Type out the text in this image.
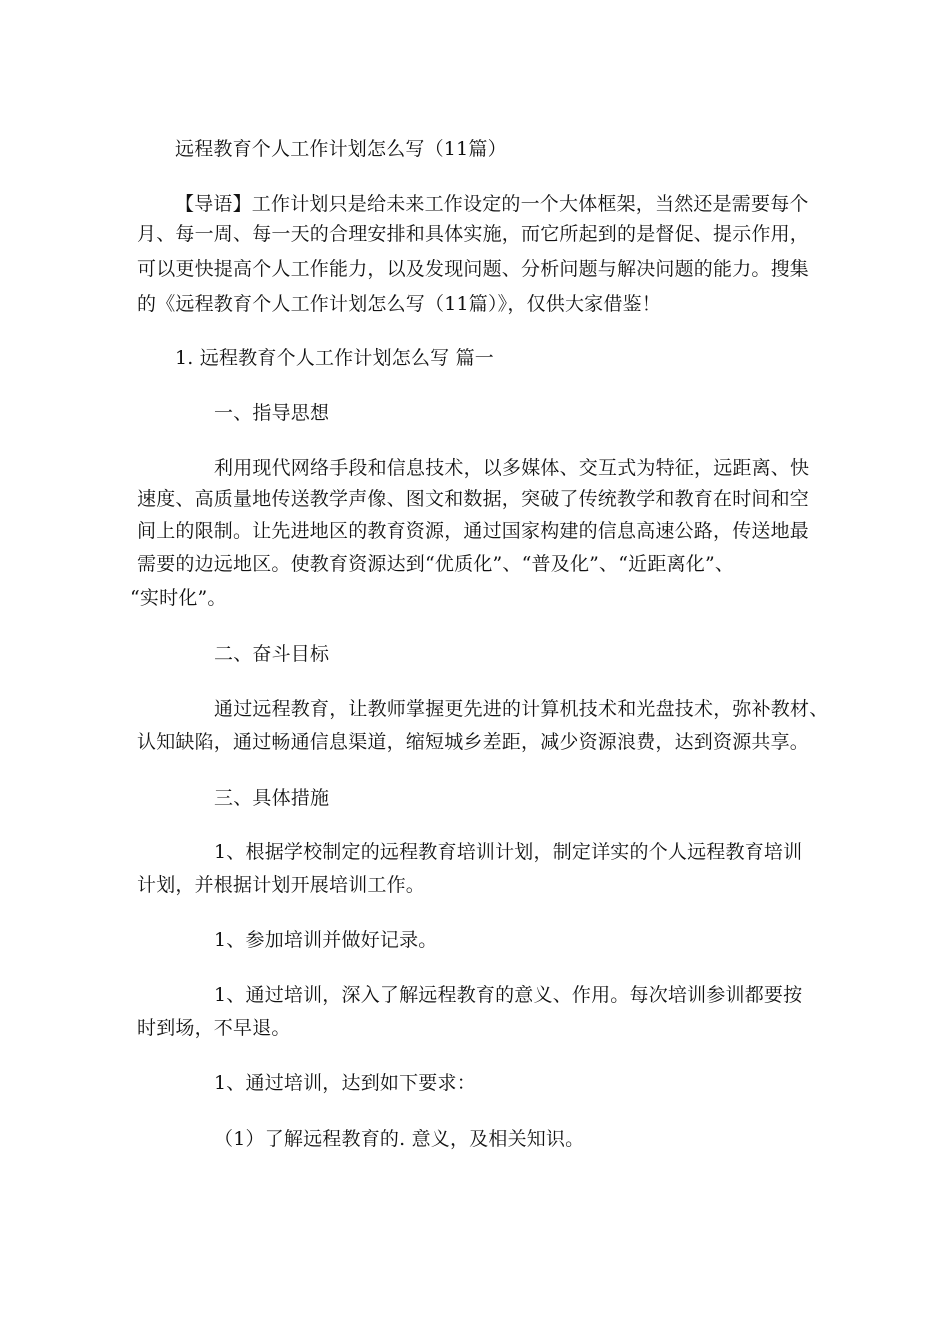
远程教育个人工作计划怎么写（11篇）
【导语】工作计划只是给未来工作设定的一个大体框架，当然还是需要每个
月、每一周、每一天的合理安排和具体实施，而它所起到的是督促、提示作用，
可以更快提高个人工作能力，以及发现问题、分析问题与解决问题的能力。搜集
的《远程教育个人工作计划怎么写（11篇）》，仅供大家借鉴！
1. 远程教育个人工作计划怎么写 篇一
一、指导思想
利用现代网络手段和信息技术，以多媒体、交互式为特征，远距离、快
速度、高质量地传送教学声像、图文和数据，突破了传统教学和教育在时间和空
间上的限制。让先进地区的教育资源，通过国家构建的信息高速公路，传送地最
需要的边远地区。使教育资源达到“优质化”、“普及化”、“近距离化”、
“实时化”。
二、奋斗目标
通过远程教育，让教师掌握更先进的计算机技术和光盘技术，弥补教材、
认知缺陷，通过畅通信息渠道，缩短城乡差距，减少资源浪费，达到资源共享。
三、具体措施
1、根据学校制定的远程教育培训计划，制定详实的个人远程教育培训
计划，并根据计划开展培训工作。
1、参加培训并做好记录。
1、通过培训，深入了解远程教育的意义、作用。每次培训参训都要按
时到场，不早退。
1、通过培训，达到如下要求：
（1）了解远程教育的. 意义，及相关知识。
